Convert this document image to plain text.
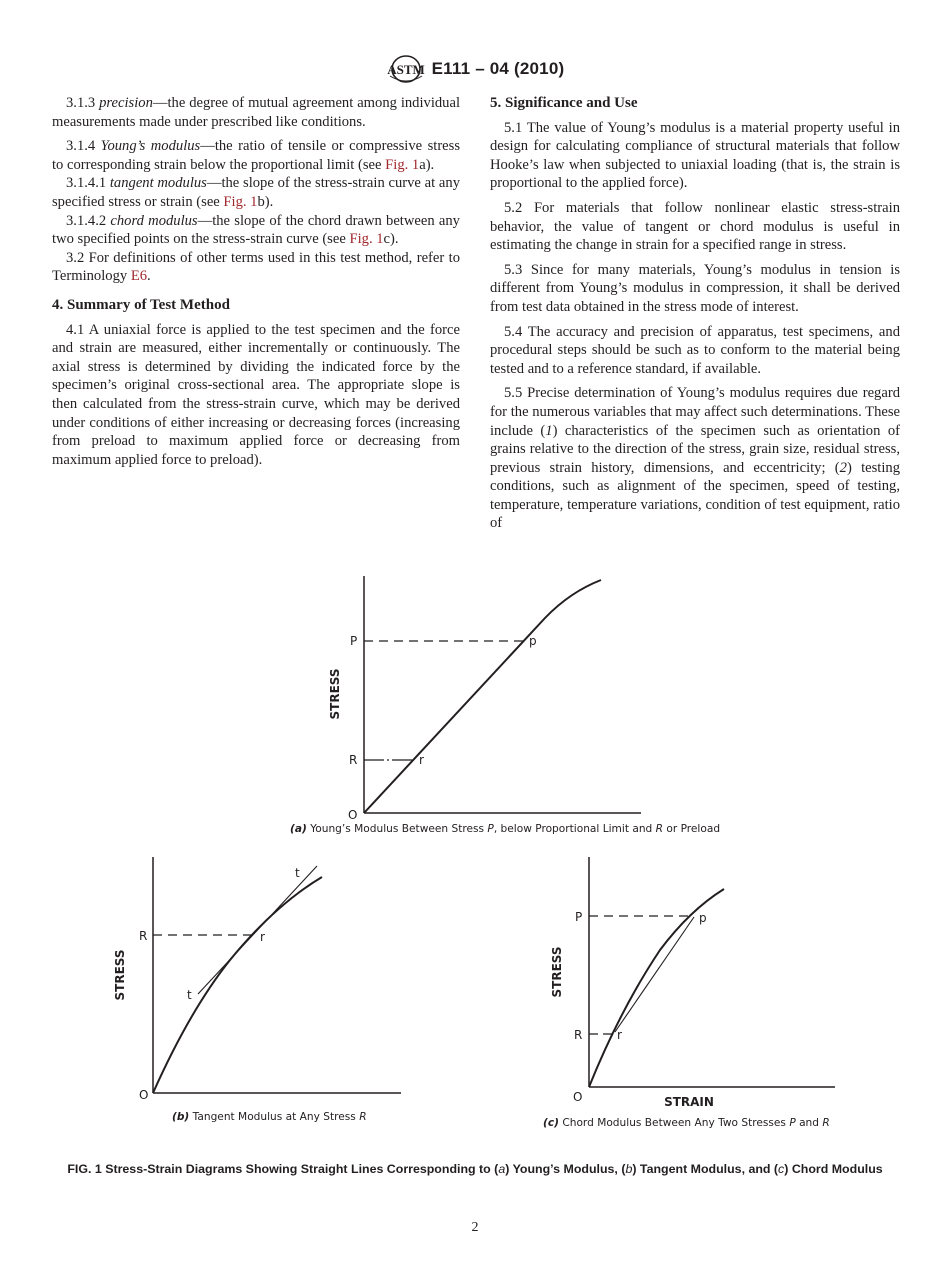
ASTM E111 – 04 (2010)

3.1.3 precision—the degree of mutual agreement among individual measurements made under prescribed like conditions.

3.1.4 Young’s modulus—the ratio of tensile or compressive stress to corresponding strain below the proportional limit (see Fig. 1a).

3.1.4.1 tangent modulus—the slope of the stress-strain curve at any specified stress or strain (see Fig. 1b).

3.1.4.2 chord modulus—the slope of the chord drawn between any two specified points on the stress-strain curve (see Fig. 1c).

3.2 For definitions of other terms used in this test method, refer to Terminology E6.

4. Summary of Test Method

4.1 A uniaxial force is applied to the test specimen and the force and strain are measured, either incrementally or continuously. The axial stress is determined by dividing the indicated force by the specimen’s original cross-sectional area. The appropriate slope is then calculated from the stress-strain curve, which may be derived under conditions of either increasing or decreasing forces (increasing from preload to maximum applied force or decreasing from maximum applied force to preload).

5. Significance and Use

5.1 The value of Young’s modulus is a material property useful in design for calculating compliance of structural materials that follow Hooke’s law when subjected to uniaxial loading (that is, the strain is proportional to the applied force).

5.2 For materials that follow nonlinear elastic stress-strain behavior, the value of tangent or chord modulus is useful in estimating the change in strain for a specified range in stress.

5.3 Since for many materials, Young’s modulus in tension is different from Young’s modulus in compression, it shall be derived from test data obtained in the stress mode of interest.

5.4 The accuracy and precision of apparatus, test specimens, and procedural steps should be such as to conform to the material being tested and to a reference standard, if available.

5.5 Precise determination of Young’s modulus requires due regard for the numerous variables that may affect such determinations. These include (1) characteristics of the specimen such as orientation of grains relative to the direction of the stress, grain size, residual stress, previous strain history, dimensions, and eccentricity; (2) testing conditions, such as alignment of the specimen, speed of testing, temperature, temperature variations, condition of test equipment, ratio of

P	p
R	r
O
STRESS
(a) Young’s Modulus Between Stress P, below Proportional Limit and R or Preload
R	r
t
t
O
STRESS
(b) Tangent Modulus at Any Stress R
P	p
R	r
O
STRESS
STRAIN
(c) Chord Modulus Between Any Two Stresses P and R
FIG. 1 Stress-Strain Diagrams Showing Straight Lines Corresponding to (a) Young’s Modulus, (b) Tangent Modulus, and (c) Chord Modulus
2
